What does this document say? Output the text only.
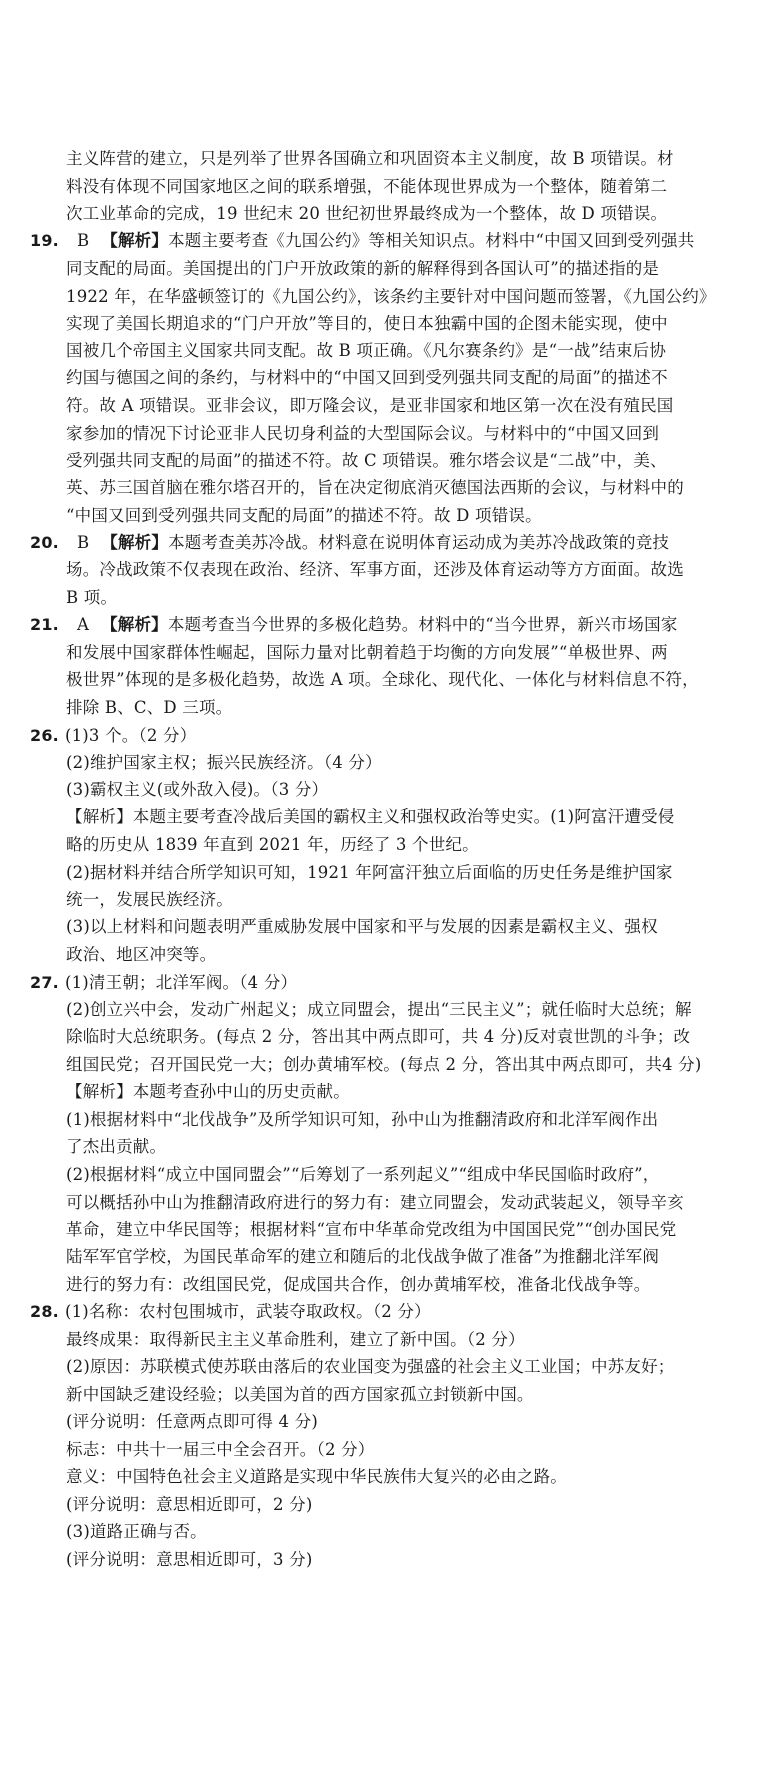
主义阵营的建立，只是列举了世界各国确立和巩固资本主义制度，故 B 项错误。材
料没有体现不同国家地区之间的联系增强，不能体现世界成为一个整体，随着第二
次工业革命的完成，19 世纪末 20 世纪初世界最终成为一个整体，故 D 项错误。
19. B 【解析】本题主要考查《九国公约》等相关知识点。材料中“中国又回到受列强共
同支配的局面。美国提出的门户开放政策的新的解释得到各国认可”的描述指的是
1922 年，在华盛顿签订的《九国公约》，该条约主要针对中国问题而签署，《九国公约》
实现了美国长期追求的“门户开放”等目的，使日本独霸中国的企图未能实现，使中
国被几个帝国主义国家共同支配。故 B 项正确。《凡尔赛条约》是“一战”结束后协
约国与德国之间的条约，与材料中的“中国又回到受列强共同支配的局面”的描述不
符。故 A 项错误。亚非会议，即万隆会议，是亚非国家和地区第一次在没有殖民国
家参加的情况下讨论亚非人民切身利益的大型国际会议。与材料中的“中国又回到
受列强共同支配的局面”的描述不符。故 C 项错误。雅尔塔会议是“二战”中，美、
英、苏三国首脑在雅尔塔召开的，旨在决定彻底消灭德国法西斯的会议，与材料中的
“中国又回到受列强共同支配的局面”的描述不符。故 D 项错误。
20. B 【解析】本题考查美苏冷战。材料意在说明体育运动成为美苏冷战政策的竞技
场。冷战政策不仅表现在政治、经济、军事方面，还涉及体育运动等方方面面。故选
B 项。
21. A 【解析】本题考查当今世界的多极化趋势。材料中的“当今世界，新兴市场国家
和发展中国家群体性崛起，国际力量对比朝着趋于均衡的方向发展”“单极世界、两
极世界”体现的是多极化趋势，故选 A 项。全球化、现代化、一体化与材料信息不符，
排除 B、C、D 三项。
26. (1)3 个。（2 分）
(2)维护国家主权；振兴民族经济。（4 分）
(3)霸权主义(或外敌入侵)。（3 分）
【解析】本题主要考查冷战后美国的霸权主义和强权政治等史实。(1)阿富汗遭受侵
略的历史从 1839 年直到 2021 年，历经了 3 个世纪。
(2)据材料并结合所学知识可知，1921 年阿富汗独立后面临的历史任务是维护国家
统一，发展民族经济。
(3)以上材料和问题表明严重威胁发展中国家和平与发展的因素是霸权主义、强权
政治、地区冲突等。
27. (1)清王朝；北洋军阀。（4 分）
(2)创立兴中会，发动广州起义；成立同盟会，提出“三民主义”；就任临时大总统；解
除临时大总统职务。(每点 2 分，答出其中两点即可，共 4 分)反对袁世凯的斗争；改
组国民党；召开国民党一大；创办黄埔军校。(每点 2 分，答出其中两点即可，共4 分)
【解析】本题考查孙中山的历史贡献。
(1)根据材料中“北伐战争”及所学知识可知，孙中山为推翻清政府和北洋军阀作出
了杰出贡献。
(2)根据材料“成立中国同盟会”“后筹划了一系列起义”“组成中华民国临时政府”，
可以概括孙中山为推翻清政府进行的努力有：建立同盟会，发动武装起义，领导辛亥
革命，建立中华民国等；根据材料“宣布中华革命党改组为中国国民党”“创办国民党
陆军军官学校，为国民革命军的建立和随后的北伐战争做了准备”为推翻北洋军阀
进行的努力有：改组国民党，促成国共合作，创办黄埔军校，准备北伐战争等。
28. (1)名称：农村包围城市，武装夺取政权。（2 分）
最终成果：取得新民主主义革命胜利，建立了新中国。（2 分）
(2)原因：苏联模式使苏联由落后的农业国变为强盛的社会主义工业国；中苏友好；
新中国缺乏建设经验；以美国为首的西方国家孤立封锁新中国。
(评分说明：任意两点即可得 4 分)
标志：中共十一届三中全会召开。（2 分）
意义：中国特色社会主义道路是实现中华民族伟大复兴的必由之路。
(评分说明：意思相近即可，2 分)
(3)道路正确与否。
(评分说明：意思相近即可，3 分)
